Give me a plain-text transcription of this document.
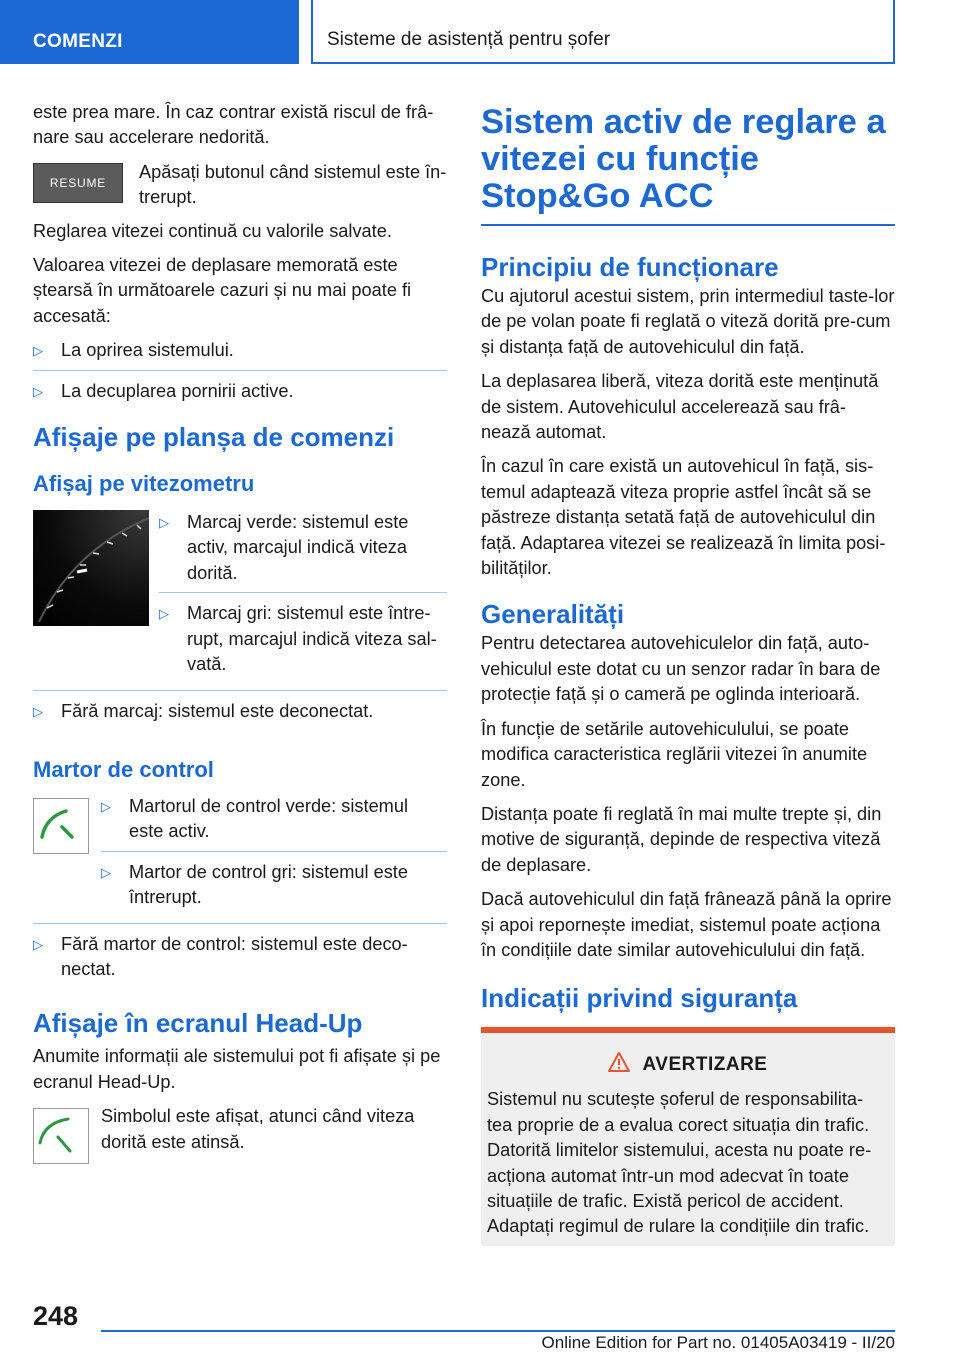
COMENZI	Sisteme de asistență pentru șofer

este prea mare. În caz contrar există riscul de frâ-nare sau accelerare nedorită.

RESUME

Apăsați butonul când sistemul este în-trerupt.

Reglarea vitezei continuă cu valorile salvate.

Valoarea vitezei de deplasare memorată este ștearsă în următoarele cazuri și nu mai poate fi accesată:

▷ La oprirea sistemului.

▷ La decuplarea pornirii active.

Afișaje pe planșa de comenzi
Afișaj pe vitezometru
▷ Marcaj verde: sistemul este activ, marcajul indică viteza dorită.

▷ Marcaj gri: sistemul este între-rupt, marcajul indică viteza sal-vată.

▷ Fără marcaj: sistemul este deconectat.

Martor de control
▷ Martorul de control verde: sistemul este activ.

▷ Martor de control gri: sistemul este întrerupt.

▷ Fără martor de control: sistemul este deco-nectat.

Afișaje în ecranul Head-Up

Anumite informații ale sistemului pot fi afișate și pe ecranul Head-Up.

Simbolul este afișat, atunci când viteza dorită este atinsă.

Sistem activ de reglare a vitezei cu funcție Stop&Go ACC
Principiu de funcționare

Cu ajutorul acestui sistem, prin intermediul taste-lor de pe volan poate fi reglată o viteză dorită pre-cum și distanța față de autovehiculul din față.

La deplasarea liberă, viteza dorită este menținută de sistem. Autovehiculul accelerează sau frâ-nează automat.

În cazul în care există un autovehicul în față, sis-temul adaptează viteza proprie astfel încât să se păstreze distanța setată față de autovehiculul din față. Adaptarea vitezei se realizează în limita posi-bilităților.

Generalități

Pentru detectarea autovehiculelor din față, auto-vehiculul este dotat cu un senzor radar în bara de protecție față și o cameră pe oglinda interioară.

În funcție de setările autovehiculului, se poate modifica caracteristica reglării vitezei în anumite zone.

Distanța poate fi reglată în mai multe trepte și, din motive de siguranță, depinde de respectiva viteză de deplasare.

Dacă autovehiculul din față frânează până la oprire și apoi repornește imediat, sistemul poate acționa în condițiile date similar autovehiculului din față.

Indicații privind siguranța
AVERTIZARE

Sistemul nu scutește șoferul de responsabilita-tea proprie de a evalua corect situația din trafic. Datorită limitelor sistemului, acesta nu poate re-acționa automat într-un mod adecvat în toate situațiile de trafic. Există pericol de accident. Adaptați regimul de rulare la condițiile din trafic.

248
Online Edition for Part no. 01405A03419 - II/20
